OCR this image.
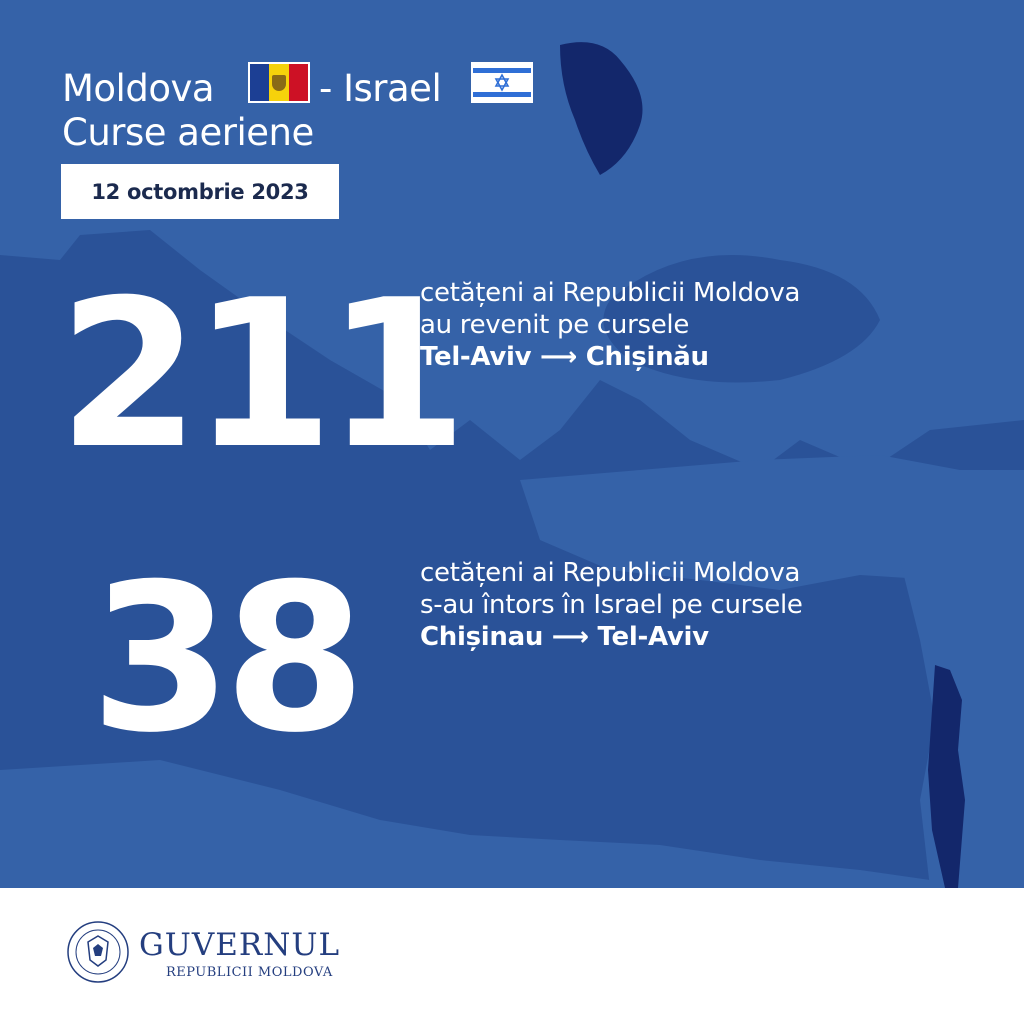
Moldova	- Israel
Curse aeriene
12 octombrie 2023
211
cetățeni ai Republicii Moldova
au revenit pe cursele
Tel-Aviv ⟶ Chișinău
38 cetățeni ai Republicii Moldova
s-au întors în Israel pe cursele
Chișinau ⟶ Tel-Aviv
GUVERNUL
REPUBLICII MOLDOVA
